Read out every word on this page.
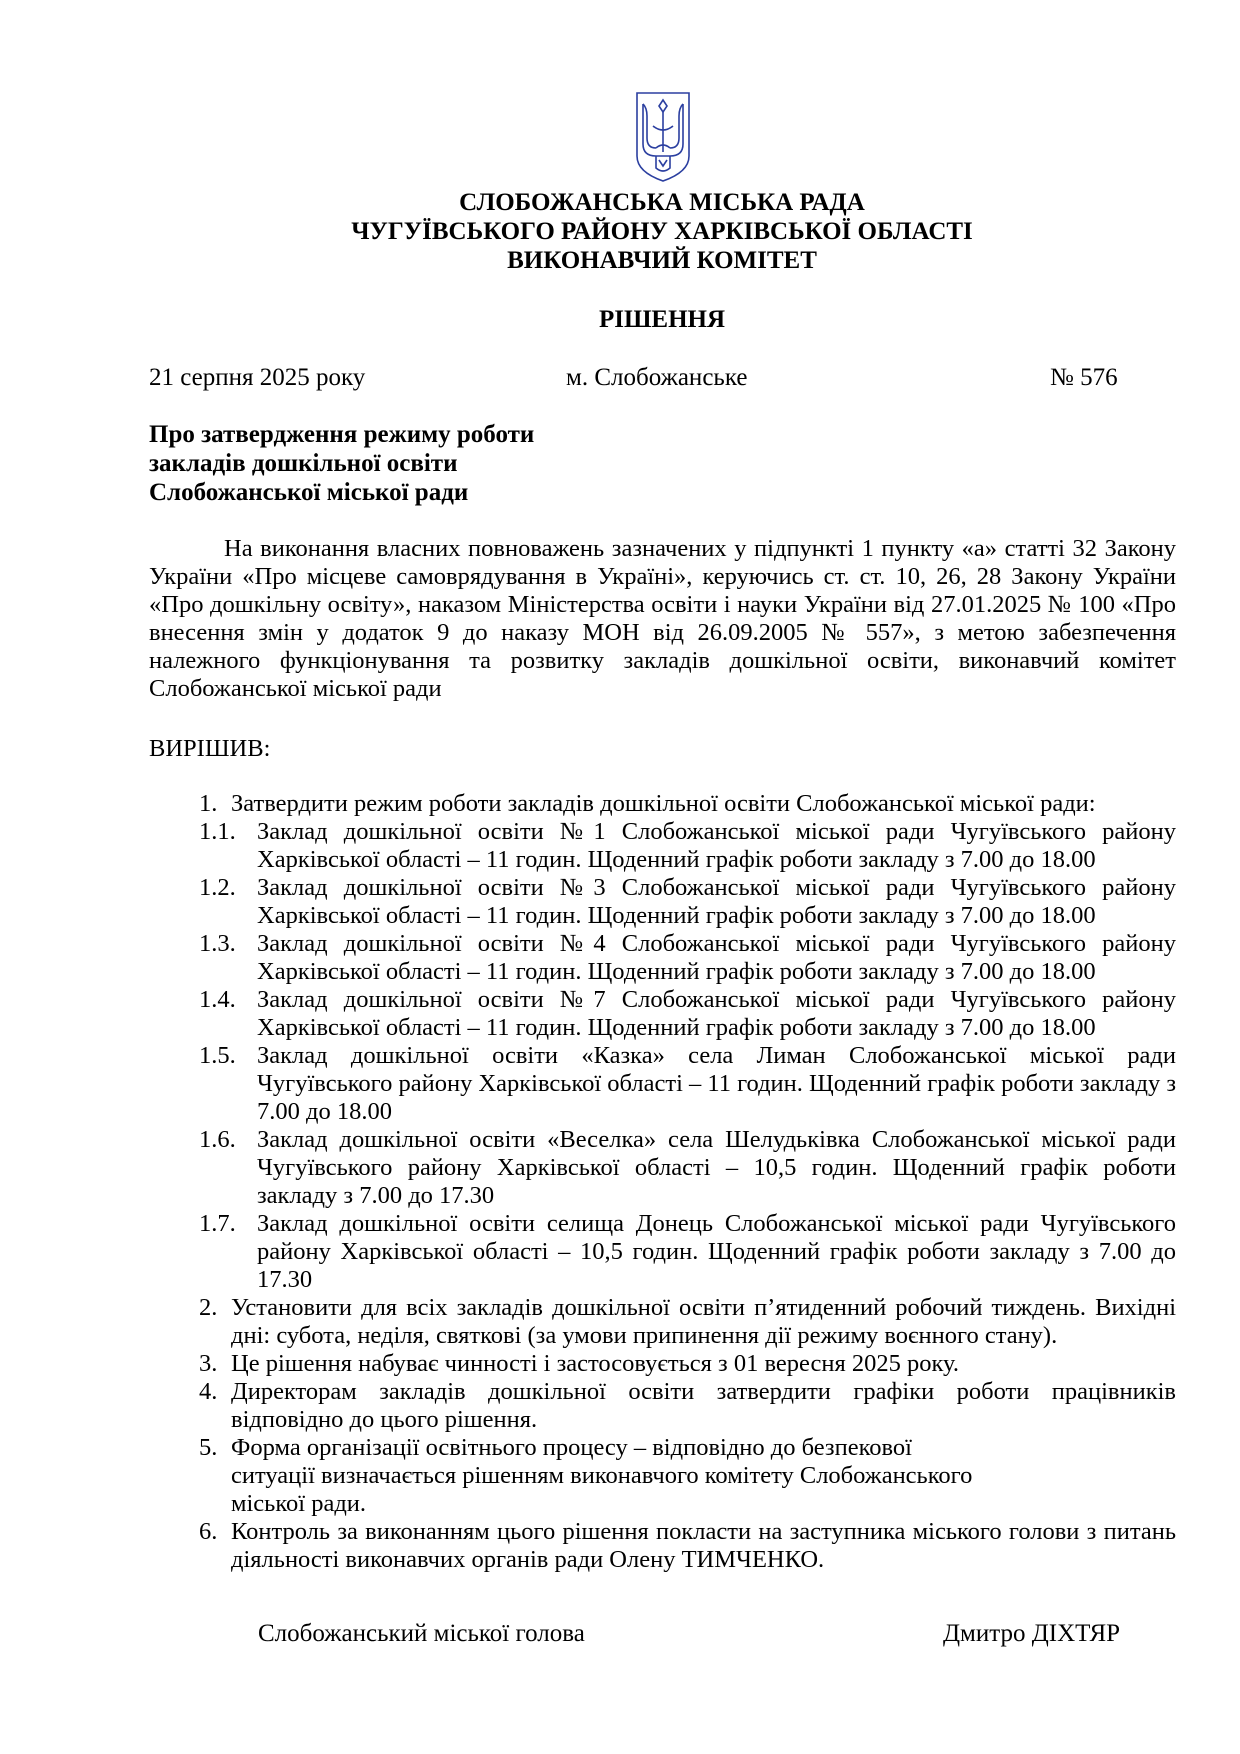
СЛОБОЖАНСЬКА МІСЬКА РАДА
ЧУГУЇВСЬКОГО РАЙОНУ ХАРКІВСЬКОЇ ОБЛАСТІ
ВИКОНАВЧИЙ КОМІТЕТ
РІШЕННЯ
21 серпня 2025 року	м. Слобожанське	№ 576
Про затвердження режиму роботи
закладів дошкільної освіти
Слобожанської міської ради
На виконання власних повноважень зазначених у підпункті 1 пункту «а» статті 32 Закону України «Про місцеве самоврядування в Україні», керуючись ст. ст. 10, 26, 28 Закону України «Про дошкільну освіту», наказом Міністерства освіти і науки України від 27.01.2025 № 100 «Про внесення змін у додаток 9 до наказу МОН від 26.09.2005 № 557», з метою забезпечення належного функціонування та розвитку закладів дошкільної освіти, виконавчий комітет Слобожанської міської ради
ВИРІШИВ:
1. Затвердити режим роботи закладів дошкільної освіти Слобожанської міської ради:
1.1. Заклад дошкільної освіти №1 Слобожанської міської ради Чугуївського району Харківської області – 11 годин. Щоденний графік роботи закладу з 7.00 до 18.00
1.2. Заклад дошкільної освіти №3 Слобожанської міської ради Чугуївського району Харківської області – 11 годин. Щоденний графік роботи закладу з 7.00 до 18.00
1.3. Заклад дошкільної освіти №4 Слобожанської міської ради Чугуївського району Харківської області – 11 годин. Щоденний графік роботи закладу з 7.00 до 18.00
1.4. Заклад дошкільної освіти №7 Слобожанської міської ради Чугуївського району Харківської області – 11 годин. Щоденний графік роботи закладу з 7.00 до 18.00
1.5. Заклад дошкільної освіти «Казка» села Лиман Слобожанської міської ради Чугуївського району Харківської області – 11 годин. Щоденний графік роботи закладу з 7.00 до 18.00
1.6. Заклад дошкільної освіти «Веселка» села Шелудьківка Слобожанської міської ради Чугуївського району Харківської області – 10,5 годин. Щоденний графік роботи закладу з 7.00 до 17.30
1.7. Заклад дошкільної освіти селища Донець Слобожанської міської ради Чугуївського району Харківської області – 10,5 годин. Щоденний графік роботи закладу з 7.00 до 17.30
2. Установити для всіх закладів дошкільної освіти п’ятиденний робочий тиждень. Вихідні дні: субота, неділя, святкові (за умови припинення дії режиму воєнного стану).
3. Це рішення набуває чинності і застосовується з 01 вересня 2025 року.
4. Директорам закладів дошкільної освіти затвердити графіки роботи працівників відповідно до цього рішення.
5. Форма організації освітнього процесу – відповідно до безпекової ситуації визначається рішенням виконавчого комітету Слобожанського міської ради.
6. Контроль за виконанням цього рішення покласти на заступника міського голови з питань діяльності виконавчих органів ради Олену ТИМЧЕНКО.
Слобожанський міської голова	Дмитро ДІХТЯР
